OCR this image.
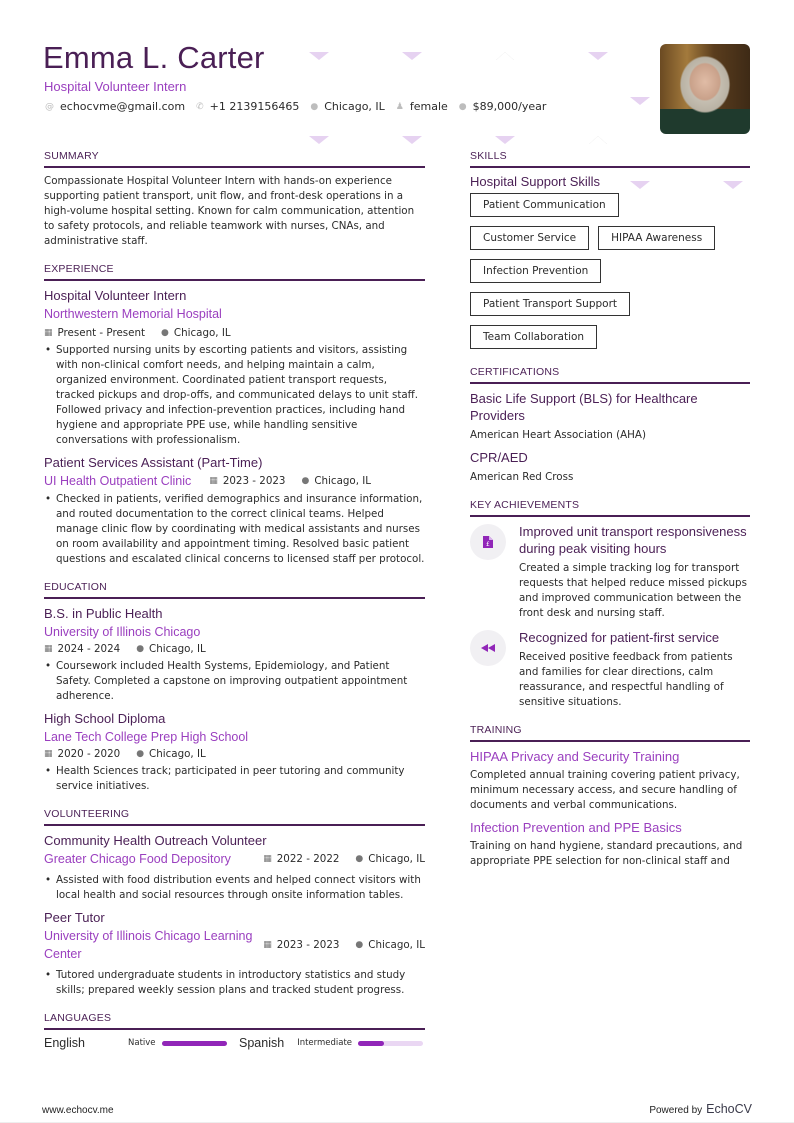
Emma L. Carter
Hospital Volunteer Intern
@ echocvme@gmail.com ✆ +1 2139156465 ● Chicago, IL ♟ female ● $89,000/year
SUMMARY

Compassionate Hospital Volunteer Intern with hands-on experience supporting patient transport, unit flow, and front-desk operations in a high-volume hospital setting. Known for calm communication, attention to safety protocols, and reliable teamwork with nurses, CNAs, and administrative staff.

EXPERIENCE
Hospital Volunteer Intern
Northwestern Memorial Hospital
▦ Present - Present ● Chicago, IL
• Supported nursing units by escorting patients and visitors, assisting with non-clinical comfort needs, and helping maintain a calm, organized environment. Coordinated patient transport requests, tracked pickups and drop-offs, and communicated delays to unit staff. Followed privacy and infection-prevention practices, including hand hygiene and appropriate PPE use, while handling sensitive conversations with professionalism.
Patient Services Assistant (Part-Time)
UI Health Outpatient Clinic ▦ 2023 - 2023 ● Chicago, IL
• Checked in patients, verified demographics and insurance information, and routed documentation to the correct clinical teams. Helped manage clinic flow by coordinating with medical assistants and nurses on room availability and appointment timing. Resolved basic patient questions and escalated clinical concerns to licensed staff per protocol.
EDUCATION
B.S. in Public Health
University of Illinois Chicago
▦ 2024 - 2024 ● Chicago, IL
• Coursework included Health Systems, Epidemiology, and Patient Safety. Completed a capstone on improving outpatient appointment adherence.
High School Diploma
Lane Tech College Prep High School
▦ 2020 - 2020 ● Chicago, IL
• Health Sciences track; participated in peer tutoring and community service initiatives.
VOLUNTEERING
Community Health Outreach Volunteer
Greater Chicago Food Depository	▦ 2022 - 2022 ● Chicago, IL
• Assisted with food distribution events and helped connect visitors with local health and social resources through onsite information tables.
Peer Tutor
University of Illinois Chicago Learning Center
▦ 2023 - 2023 ● Chicago, IL
• Tutored undergraduate students in introductory statistics and study skills; prepared weekly session plans and tracked student progress.
LANGUAGES
English	Native	Spanish Intermediate
SKILLS
Hospital Support Skills
Patient Communication
Customer Service	HIPAA Awareness
Infection Prevention
Patient Transport Support
Team Collaboration
CERTIFICATIONS
Basic Life Support (BLS) for Healthcare Providers
American Heart Association (AHA)
CPR/AED
American Red Cross
KEY ACHIEVEMENTS
£
Improved unit transport responsiveness during peak visiting hours
Created a simple tracking log for transport requests that helped reduce missed pickups and improved communication between the front desk and nursing staff.
Recognized for patient-first service
Received positive feedback from patients and families for clear directions, calm reassurance, and respectful handling of sensitive situations.
TRAINING
HIPAA Privacy and Security Training
Completed annual training covering patient privacy, minimum necessary access, and secure handling of documents and verbal communications.
Infection Prevention and PPE Basics
Training on hand hygiene, standard precautions, and appropriate PPE selection for non-clinical staff and
www.echocv.me	Powered by EchoCV
